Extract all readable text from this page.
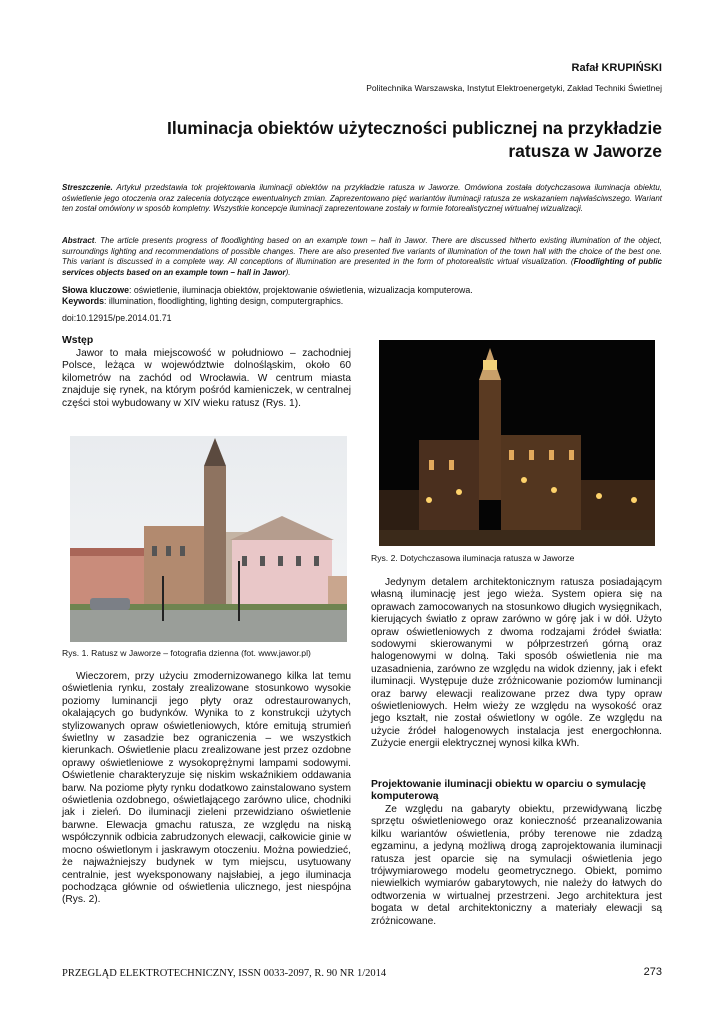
Rafał KRUPIŃSKI
Politechnika Warszawska, Instytut Elektroenergetyki, Zakład Techniki Świetlnej
Iluminacja obiektów użyteczności publicznej na przykładzie
ratusza w Jaworze
Streszczenie. Artykuł przedstawia tok projektowania iluminacji obiektów na przykładzie ratusza w Jaworze. Omówiona została dotychczasowa iluminacja obiektu, oświetlenie jego otoczenia oraz zalecenia dotyczące ewentualnych zmian. Zaprezentowano pięć wariantów iluminacji ratusza ze wskazaniem najwłaściwszego. Wariant ten został omówiony w sposób kompletny. Wszystkie koncepcje iluminacji zaprezentowane zostały w formie fotorealistycznej wirtualnej wizualizacji.
Abstract. The article presents progress of floodlighting based on an example town – hall in Jawor. There are discussed hitherto existing illumination of the object, surroundings lighting and recommendations of possible changes. There are also presented five variants of illumination of the town hall with the choice of the best one. This variant is discussed in a complete way. All conceptions of illumination are presented in the form of photorealistic virtual visualization. (Floodlighting of public services objects based on an example town – hall in Jawor).
Słowa kluczowe: oświetlenie, iluminacja obiektów, projektowanie oświetlenia, wizualizacja komputerowa.
Keywords: illumination, floodlighting, lighting design, computergraphics.
doi:10.12915/pe.2014.01.71
Wstęp

Jawor to mała miejscowość w południowo – zachodniej Polsce, leżąca w województwie dolnośląskim, około 60 kilometrów na zachód od Wrocławia. W centrum miasta znajduje się rynek, na którym pośród kamieniczek, w centralnej części stoi wybudowany w XIV wieku ratusz (Rys. 1).

Rys. 1. Ratusz w Jaworze – fotografia dzienna (fot. www.jawor.pl)

Wieczorem, przy użyciu zmodernizowanego kilka lat temu oświetlenia rynku, zostały zrealizowane stosunkowo wysokie poziomy luminancji jego płyty oraz odrestaurowanych, okalających go budynków. Wynika to z konstrukcji użytych stylizowanych opraw oświetleniowych, które emitują strumień świetlny w zasadzie bez ograniczenia – we wszystkich kierunkach. Oświetlenie placu zrealizowane jest przez ozdobne oprawy oświetleniowe z wysokoprężnymi lampami sodowymi. Oświetlenie charakteryzuje się niskim wskaźnikiem oddawania barw. Na poziome płyty rynku dodatkowo zainstalowano system oświetlenia ozdobnego, oświetlającego zarówno ulice, chodniki jak i zieleń. Do iluminacji zieleni przewidziano oświetlenie barwne. Elewacja gmachu ratusza, ze względu na niską współczynnik odbicia zabrudzonych elewacji, całkowicie ginie w mocno oświetlonym i jaskrawym otoczeniu. Można powiedzieć, że najważniejszy budynek w tym miejscu, usytuowany centralnie, jest wyeksponowany najsłabiej, a jego iluminacja pochodząca głównie od oświetlenia ulicznego, jest niespójna (Rys. 2).

Rys. 2. Dotychczasowa iluminacja ratusza w Jaworze

Jedynym detalem architektonicznym ratusza posiadającym własną iluminację jest jego wieża. System opiera się na oprawach zamocowanych na stosunkowo długich wysięgnikach, kierujących światło z opraw zarówno w górę jak i w dół. Użyto opraw oświetleniowych z dwoma rodzajami źródeł światła: sodowymi skierowanymi w półprzestrzeń górną oraz halogenowymi w dolną. Taki sposób oświetlenia nie ma uzasadnienia, zarówno ze względu na widok dzienny, jak i efekt iluminacji. Występuje duże zróżnicowanie poziomów luminancji oraz barwy elewacji realizowane przez dwa typy opraw oświetleniowych. Hełm wieży ze względu na wysokość oraz jego kształt, nie został oświetlony w ogóle. Ze względu na użycie źródeł halogenowych instalacja jest energochłonna. Zużycie energii elektrycznej wynosi kilka kWh.

Projektowanie iluminacji obiektu w oparciu o symulację komputerową

Ze względu na gabaryty obiektu, przewidywaną liczbę sprzętu oświetleniowego oraz konieczność przeanalizowania kilku wariantów oświetlenia, próby terenowe nie zdadzą egzaminu, a jedyną możliwą drogą zaprojektowania iluminacji ratusza jest oparcie się na symulacji oświetlenia jego trójwymiarowego modelu geometrycznego. Obiekt, pomimo niewielkich wymiarów gabarytowych, nie należy do łatwych do odtworzenia w wirtualnej przestrzeni. Jego architektura jest bogata w detal architektoniczny a materiały elewacji są zróżnicowane.

PRZEGLĄD ELEKTROTECHNICZNY, ISSN 0033-2097, R. 90 NR 1/2014	273
